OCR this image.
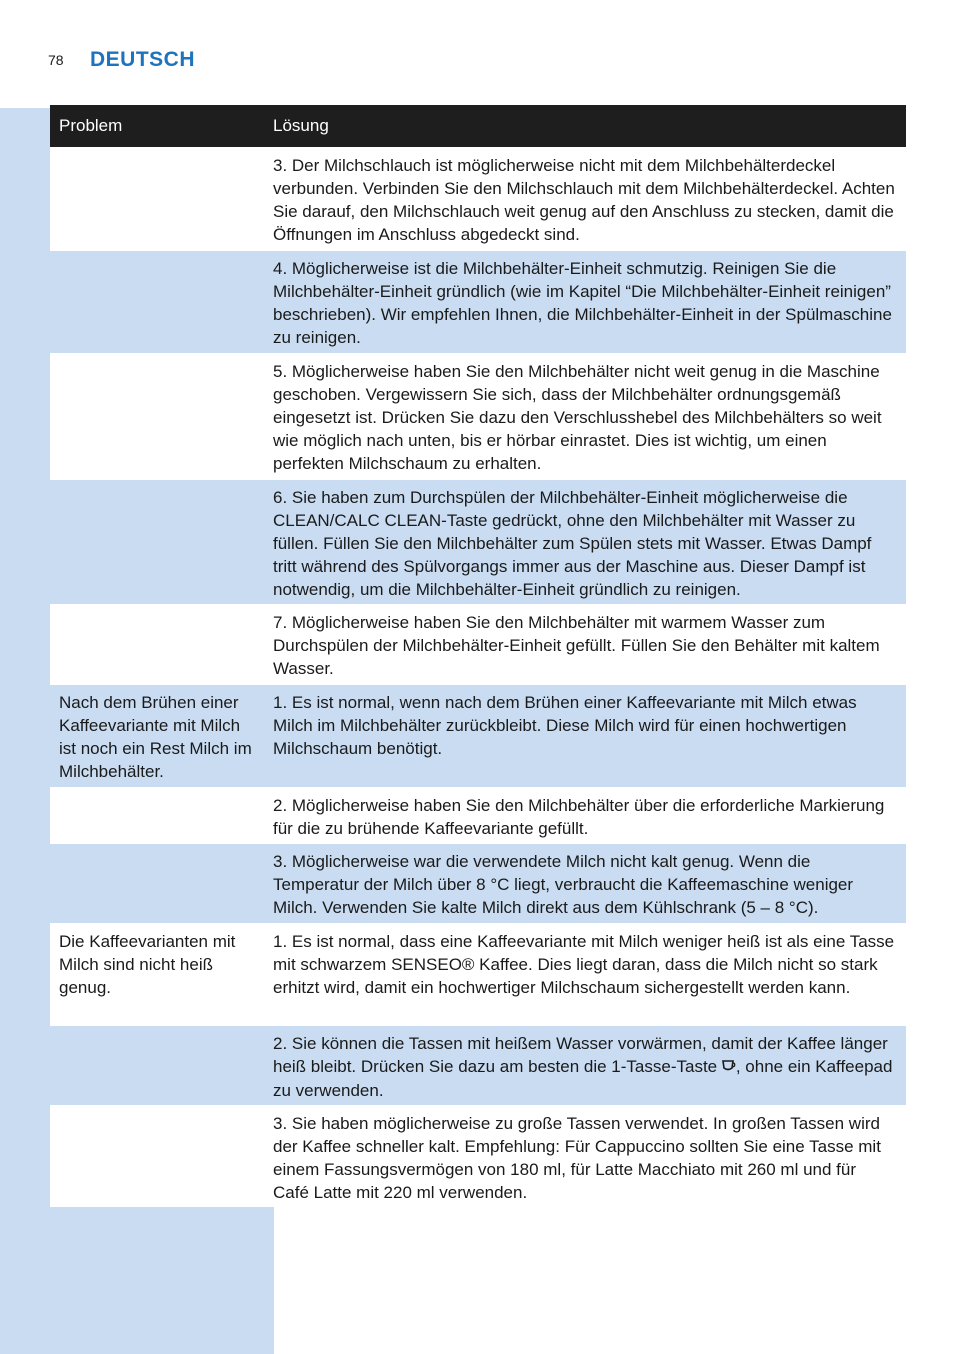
78 DEUTSCH
Problem	Lösung
3. Der Milchschlauch ist möglicherweise nicht mit dem Milchbehälterdeckel verbunden. Verbinden Sie den Milchschlauch mit dem Milchbehälterdeckel. Achten Sie darauf, den Milchschlauch weit genug auf den Anschluss zu stecken, damit die Öffnungen im Anschluss abgedeckt sind.
4. Möglicherweise ist die Milchbehälter-Einheit schmutzig. Reinigen Sie die Milchbehälter-Einheit gründlich (wie im Kapitel “Die Milchbehälter-Einheit reinigen” beschrieben). Wir empfehlen Ihnen, die Milchbehälter-Einheit in der Spülmaschine zu reinigen.
5. Möglicherweise haben Sie den Milchbehälter nicht weit genug in die Maschine geschoben. Vergewissern Sie sich, dass der Milchbehälter ordnungsgemäß eingesetzt ist. Drücken Sie dazu den Verschlusshebel des Milchbehälters so weit wie möglich nach unten, bis er hörbar einrastet. Dies ist wichtig, um einen perfekten Milchschaum zu erhalten.
6. Sie haben zum Durchspülen der Milchbehälter-Einheit möglicherweise die CLEAN/CALC CLEAN-Taste gedrückt, ohne den Milchbehälter mit Wasser zu füllen. Füllen Sie den Milchbehälter zum Spülen stets mit Wasser. Etwas Dampf tritt während des Spülvorgangs immer aus der Maschine aus. Dieser Dampf ist notwendig, um die Milchbehälter-Einheit gründlich zu reinigen.
7. Möglicherweise haben Sie den Milchbehälter mit warmem Wasser zum Durchspülen der Milchbehälter-Einheit gefüllt. Füllen Sie den Behälter mit kaltem Wasser.
Nach dem Brühen einer Kaffeevariante mit Milch ist noch ein Rest Milch im Milchbehälter.
1. Es ist normal, wenn nach dem Brühen einer Kaffeevariante mit Milch etwas Milch im Milchbehälter zurückbleibt. Diese Milch wird für einen hochwertigen Milchschaum benötigt.
2. Möglicherweise haben Sie den Milchbehälter über die erforderliche Markierung für die zu brühende Kaffeevariante gefüllt.
3. Möglicherweise war die verwendete Milch nicht kalt genug. Wenn die Temperatur der Milch über 8 °C liegt, verbraucht die Kaffeemaschine weniger Milch. Verwenden Sie kalte Milch direkt aus dem Kühlschrank (5 – 8 °C).
Die Kaffeevarianten mit Milch sind nicht heiß genug.
1. Es ist normal, dass eine Kaffeevariante mit Milch weniger heiß ist als eine Tasse mit schwarzem SENSEO® Kaffee. Dies liegt daran, dass die Milch nicht so stark erhitzt wird, damit ein hochwertiger Milchschaum sichergestellt werden kann.
2. Sie können die Tassen mit heißem Wasser vorwärmen, damit der Kaffee länger heiß bleibt. Drücken Sie dazu am besten die 1-Tasse-Taste , ohne ein Kaffeepad zu verwenden.
3. Sie haben möglicherweise zu große Tassen verwendet. In großen Tassen wird der Kaffee schneller kalt. Empfehlung: Für Cappuccino sollten Sie eine Tasse mit einem Fassungsvermögen von 180 ml, für Latte Macchiato mit 260 ml und für Café Latte mit 220 ml verwenden.
